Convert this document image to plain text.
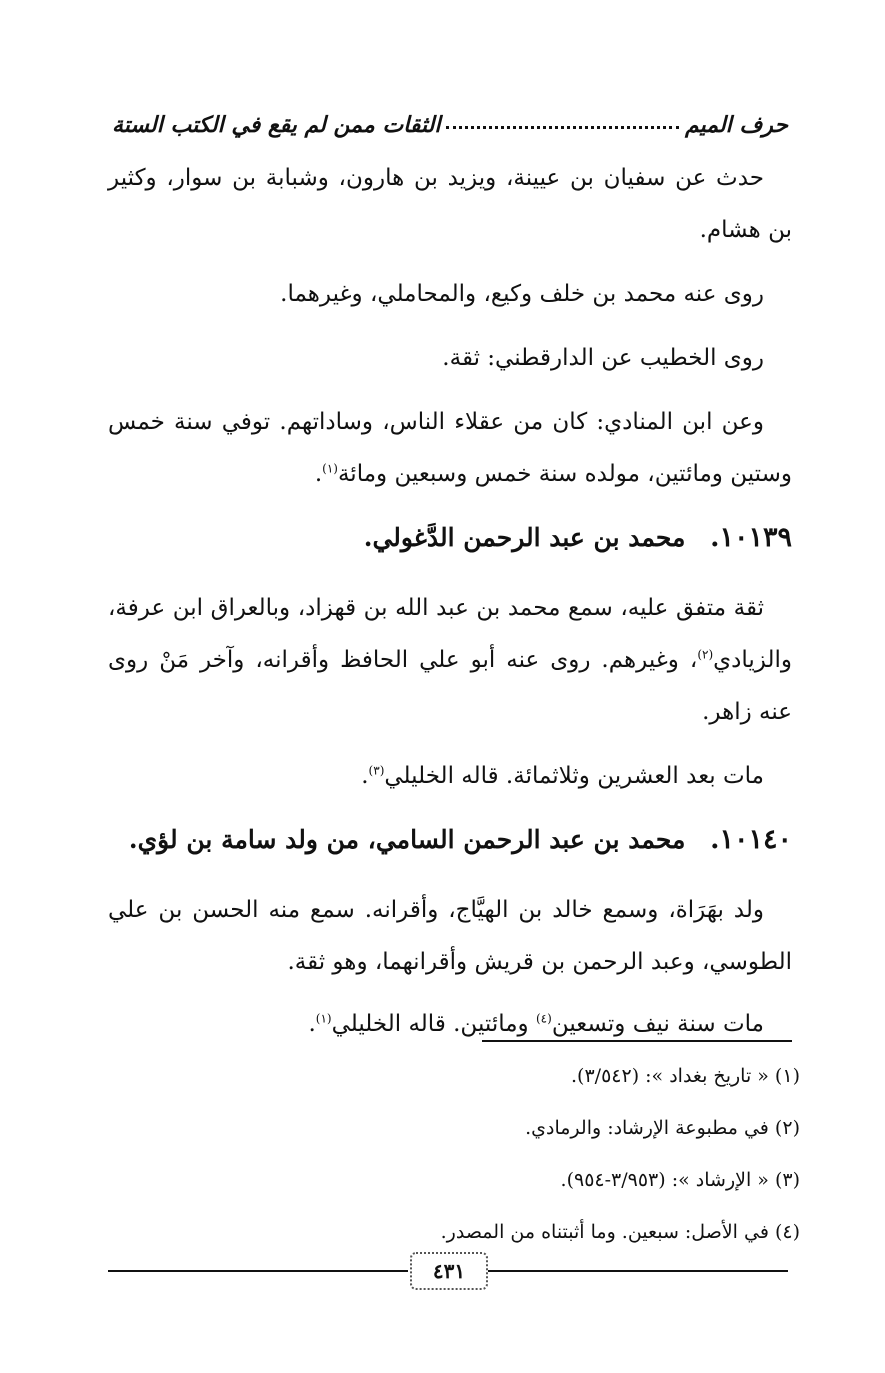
حرف الميم
الثقات ممن لم يقع في الكتب الستة

حدث عن سفيان بن عيينة، ويزيد بن هارون، وشبابة بن سوار، وكثير بن هشام.

روى عنه محمد بن خلف وكيع، والمحاملي، وغيرهما.

روى الخطيب عن الدارقطني: ثقة.

وعن ابن المنادي: كان من عقلاء الناس، وساداتهم. توفي سنة خمس وستين ومائتين، مولده سنة خمس وسبعين ومائة$^{(١)}$.

١٠١٣٩. محمد بن عبد الرحمن الدَّغولي.

ثقة متفق عليه، سمع محمد بن عبد الله بن قهزاد، وبالعراق ابن عرفة، والزيادي$^{(٢)}$، وغيرهم. روى عنه أبو علي الحافظ وأقرانه، وآخر مَنْ روى عنه زاهر.

مات بعد العشرين وثلاثمائة. قاله الخليلي$^{(٣)}$.

١٠١٤٠. محمد بن عبد الرحمن السامي، من ولد سامة بن لؤي.

ولد بهَرَاة، وسمع خالد بن الهيَّاج، وأقرانه. سمع منه الحسن بن علي الطوسي، وعبد الرحمن بن قريش وأقرانهما، وهو ثقة.

مات سنة نيف وتسعين$^{(٤)}$ ومائتين. قاله الخليلي$^{(١)}$.

(١) « تاريخ بغداد »: (٣/٥٤٢).
(٢) في مطبوعة الإرشاد: والرمادي.
(٣) « الإرشاد »: (٣/٩٥٣-٩٥٤).
(٤) في الأصل: سبعين. وما أثبتناه من المصدر.
٤٣١
